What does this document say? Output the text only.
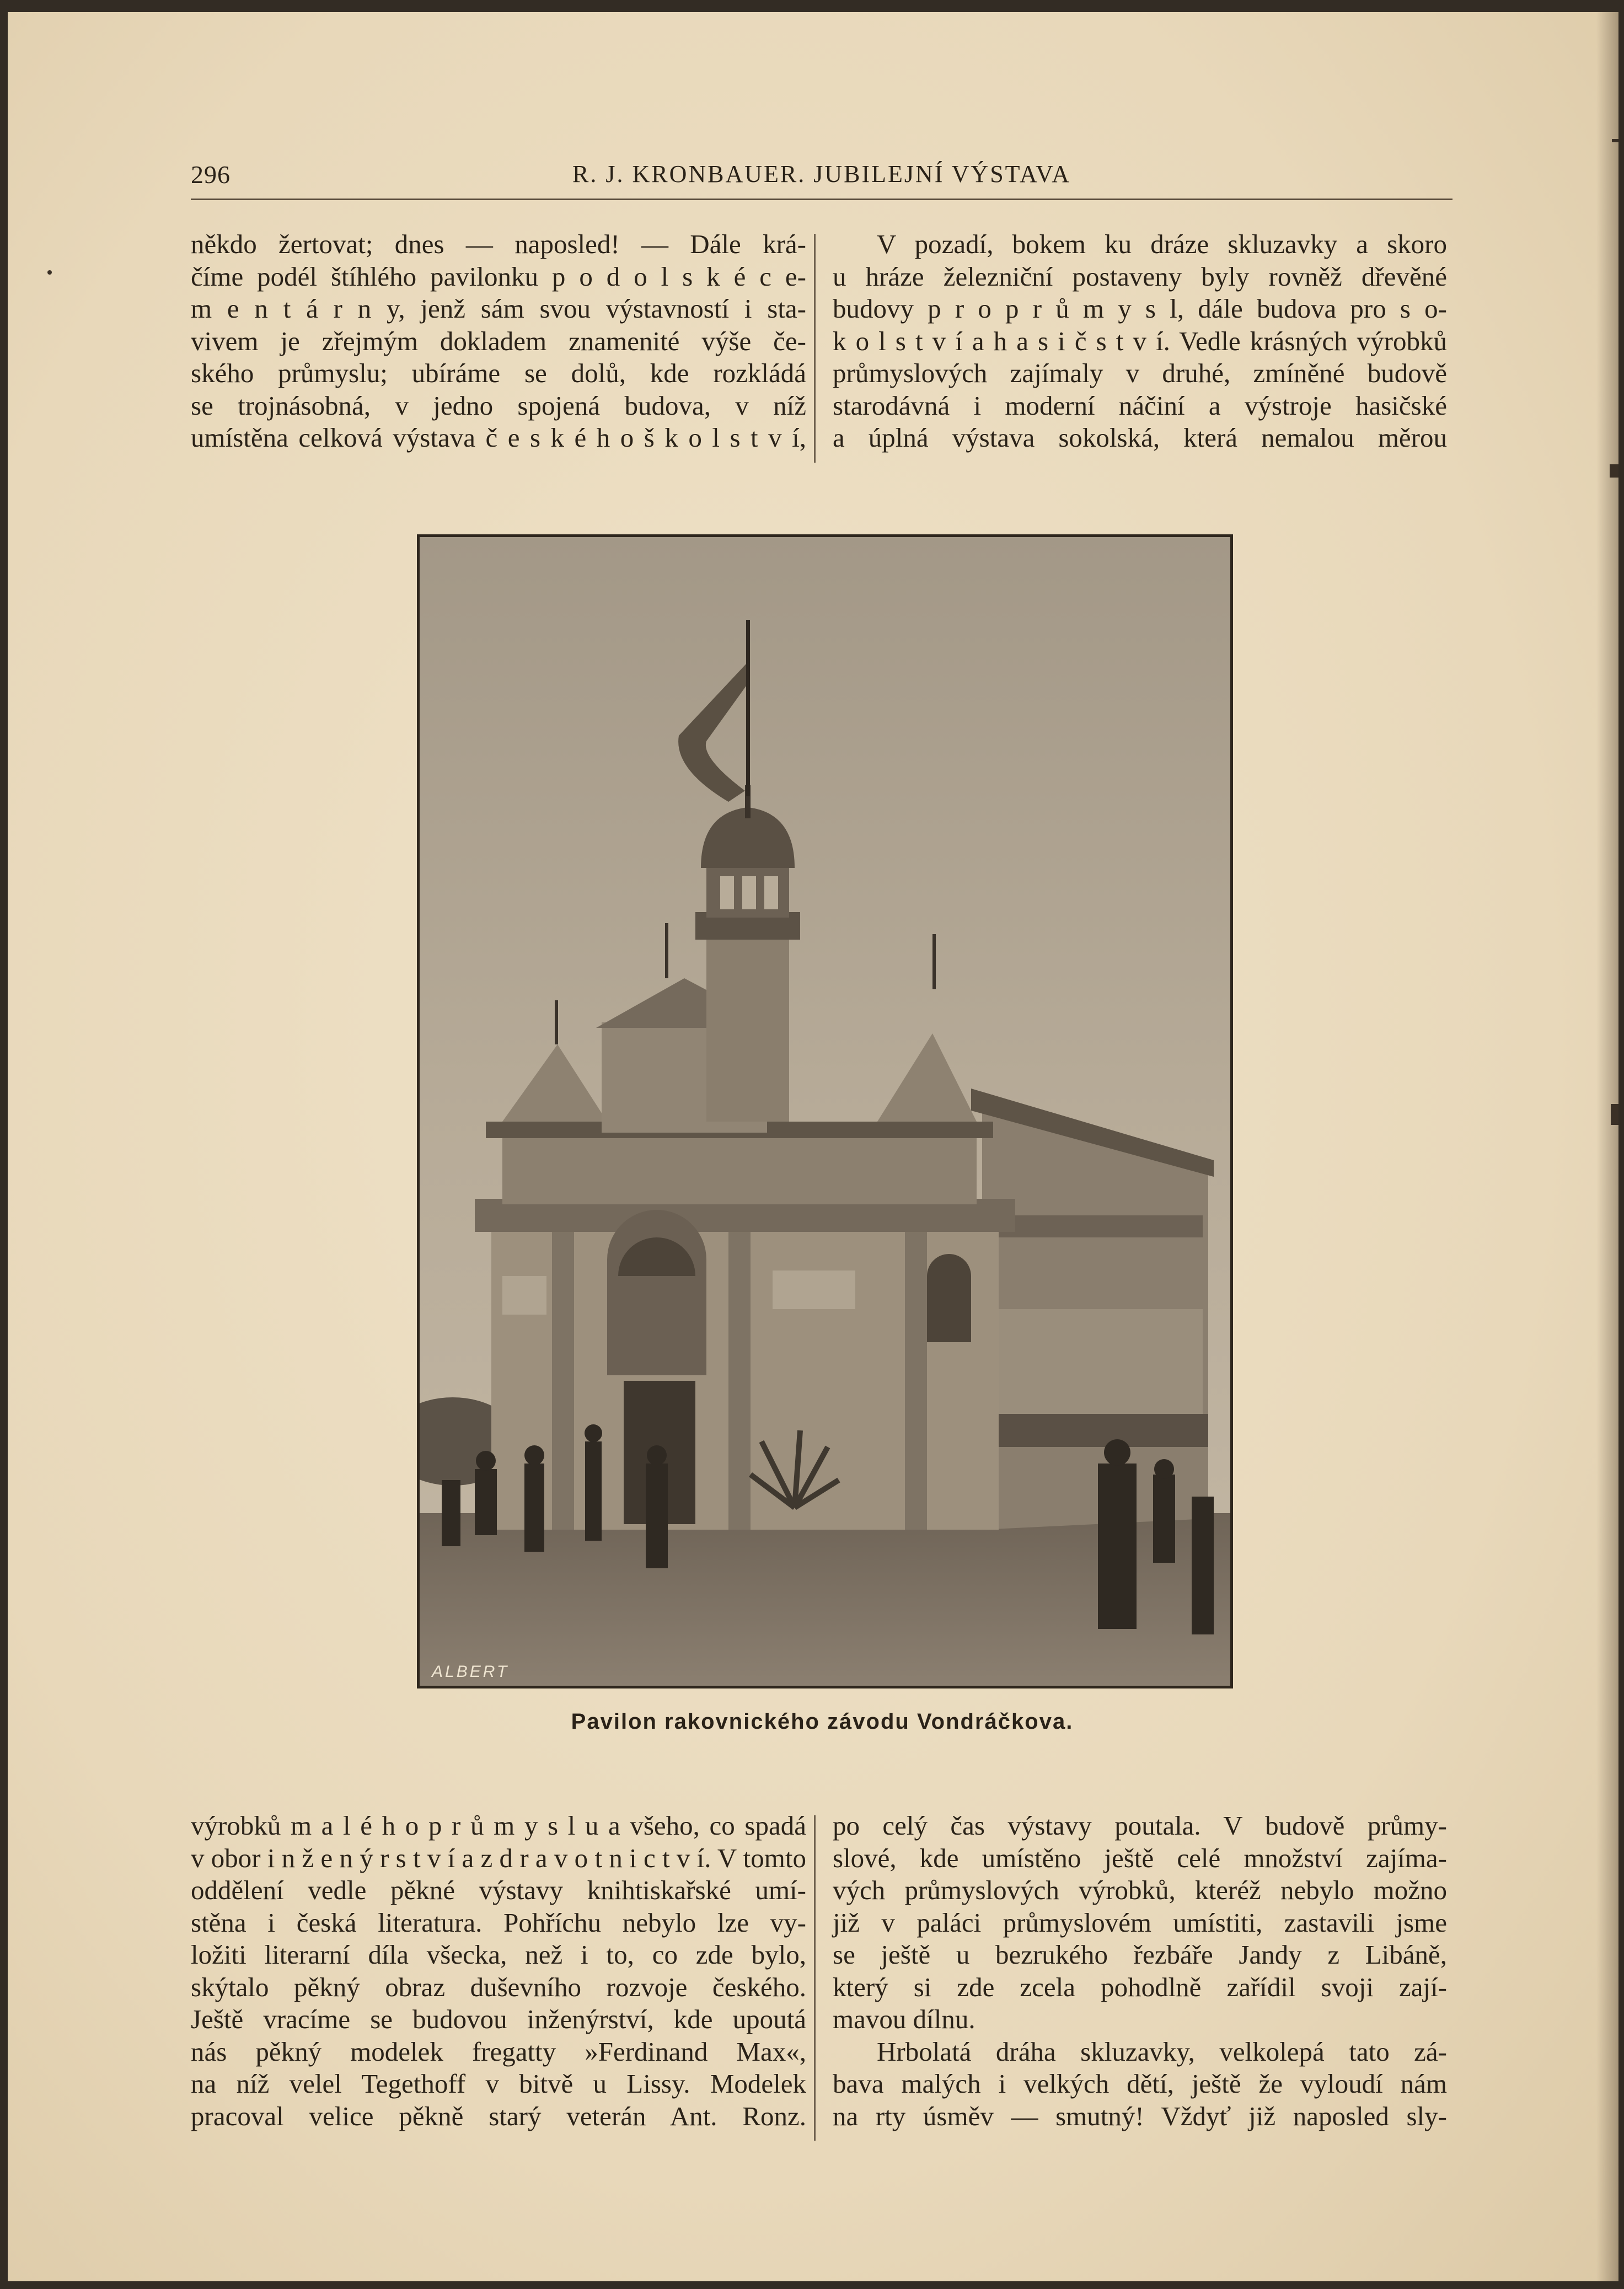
296	R. J. KRONBAUER. JUBILEJNÍ VÝSTAVA
někdo žertovat; dnes — naposled! — Dále krá-
číme podél štíhlého pavilonku p o d o l s k é c e-
m e n t á r n y, jenž sám svou výstavností i sta-
vivem je zřejmým dokladem znamenité výše če-
ského průmyslu; ubíráme se dolů, kde rozkládá
se trojnásobná, v jedno spojená budova, v níž
umístěna celková výstava č e s k é h o š k o l s t v í,
V pozadí, bokem ku dráze skluzavky a skoro
u hráze železniční postaveny byly rovněž dřevěné
budovy p r o p r ů m y s l, dále budova pro s o-
k o l s t v í a h a s i č s t v í. Vedle krásných výrobků
průmyslových zajímaly v druhé, zmíněné budově
starodávná i moderní náčiní a výstroje hasičské
a úplná výstava sokolská, která nemalou měrou
ALBERT
Pavilon rakovnického závodu Vondráčkova.
výrobků m a l é h o p r ů m y s l u a všeho, co spadá
v obor i n ž e n ý r s t v í a z d r a v o t n i c t v í. V tomto
oddělení vedle pěkné výstavy knihtiskařské umí-
stěna i česká literatura. Pohříchu nebylo lze vy-
ložiti literarní díla všecka, než i to, co zde bylo,
skýtalo pěkný obraz duševního rozvoje českého.
Ještě vracíme se budovou inženýrství, kde upoutá
nás pěkný modelek fregatty »Ferdinand Max«,
na níž velel Tegethoff v bitvě u Lissy. Modelek
pracoval velice pěkně starý veterán Ant. Ronz.
po celý čas výstavy poutala. V budově průmy-
slové, kde umístěno ještě celé množství zajíma-
vých průmyslových výrobků, kteréž nebylo možno
již v paláci průmyslovém umístiti, zastavili jsme
se ještě u bezrukého řezbáře Jandy z Libáně,
který si zde zcela pohodlně zařídil svoji zají-
mavou dílnu.
Hrbolatá dráha skluzavky, velkolepá tato zá-
bava malých i velkých dětí, ještě že vyloudí nám
na rty úsměv — smutný! Vždyť již naposled sly-
